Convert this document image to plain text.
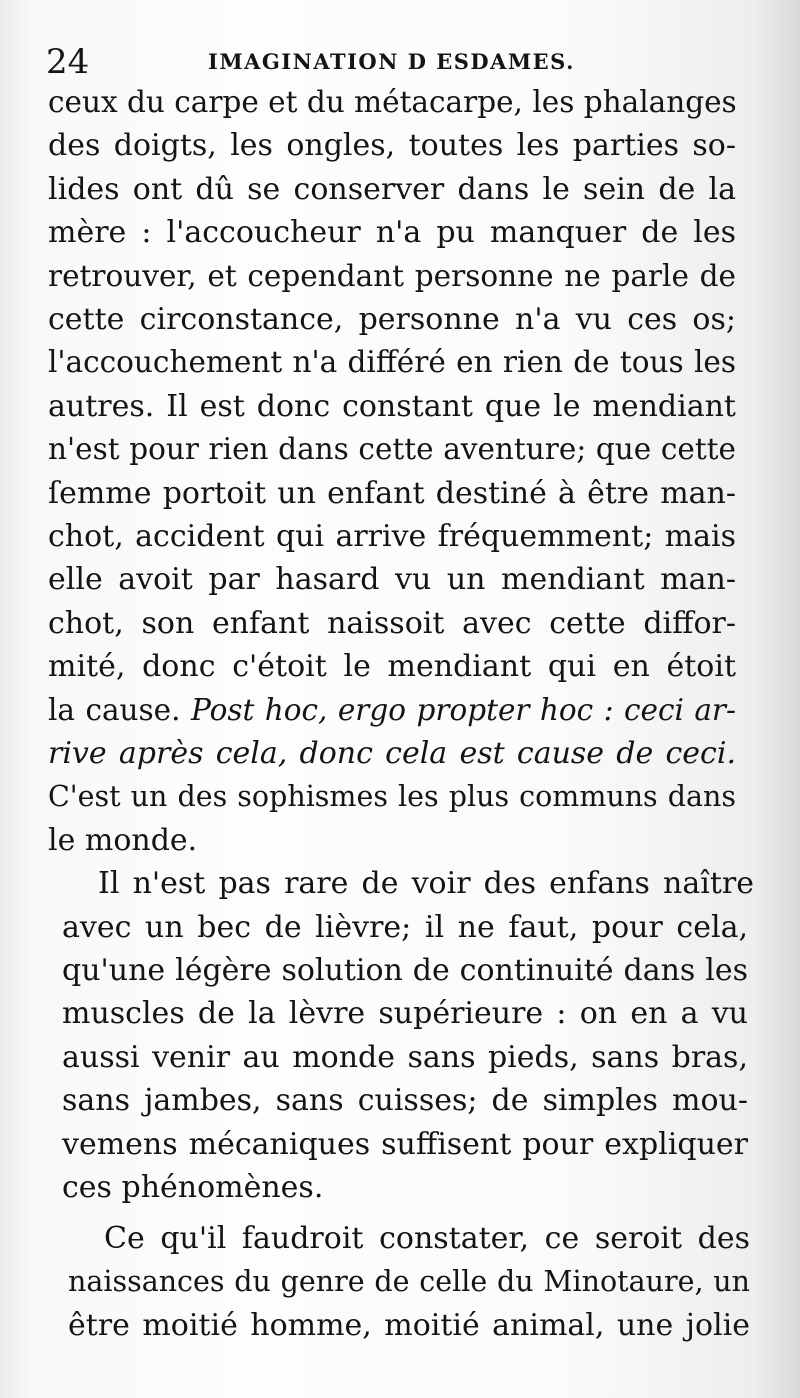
24	IMAGINATION D ESDAMES.
ceux du carpe et du métacarpe, les phalanges
des doigts, les ongles, toutes les parties so-
lides ont dû se conserver dans le sein de la
mère : l'accoucheur n'a pu manquer de les
retrouver, et cependant personne ne parle de
cette circonstance, personne n'a vu ces os;
l'accouchement n'a différé en rien de tous les
autres. Il est donc constant que le mendiant
n'est pour rien dans cette aventure; que cette
ſemme portoit un enfant destiné à être man-
chot, accident qui arrive fréquemment; mais
elle avoit par hasard vu un mendiant man-
chot, son enfant naissoit avec cette diffor-
mité, donc c'étoit le mendiant qui en étoit
la cause. Post hoc, ergo propter hoc : ceci ar-
rive après cela, donc cela est cause de ceci.
C'est un des sophismes les plus communs dans
le monde.
Il n'est pas rare de voir des enfans naître
avec un bec de lièvre; il ne faut, pour cela,
qu'une légère solution de continuité dans les
muscles de la lèvre supérieure : on en a vu
aussi venir au monde sans pieds, sans bras,
sans jambes, sans cuisses; de simples mou-
vemens mécaniques suffisent pour expliquer
ces phénomènes.
Ce qu'il faudroit constater, ce seroit des
naissances du genre de celle du Minotaure, un
être moitié homme, moitié animal, une jolie
